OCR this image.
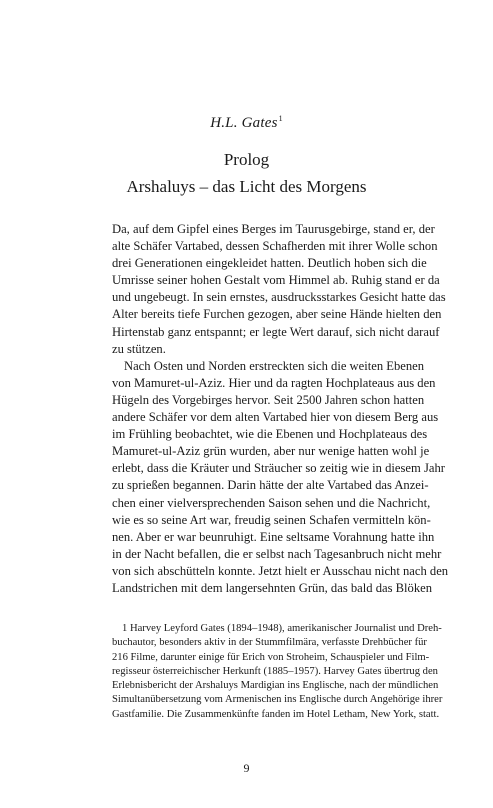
H.L. Gates$^1$
Prolog
Arshaluys – das Licht des Morgens
Da, auf dem Gipfel eines Berges im Taurusgebirge, stand er, der
alte Schäfer Vartabed, dessen Schafherden mit ihrer Wolle schon
drei Generationen eingekleidet hatten. Deutlich hoben sich die
Umrisse seiner hohen Gestalt vom Himmel ab. Ruhig stand er da
und ungebeugt. In sein ernstes, ausdrucksstarkes Gesicht hatte das
Alter bereits tiefe Furchen gezogen, aber seine Hände hielten den
Hirtenstab ganz entspannt; er legte Wert darauf, sich nicht darauf
zu stützen.
Nach Osten und Norden erstreckten sich die weiten Ebenen
von Mamuret-ul-Aziz. Hier und da ragten Hochplateaus aus den
Hügeln des Vorgebirges hervor. Seit 2500 Jahren schon hatten
andere Schäfer vor dem alten Vartabed hier von diesem Berg aus
im Frühling beobachtet, wie die Ebenen und Hochplateaus des
Mamuret-ul-Aziz grün wurden, aber nur wenige hatten wohl je
erlebt, dass die Kräuter und Sträucher so zeitig wie in diesem Jahr
zu sprießen begannen. Darin hätte der alte Vartabed das Anzei-
chen einer vielversprechenden Saison sehen und die Nachricht,
wie es so seine Art war, freudig seinen Schafen vermitteln kön-
nen. Aber er war beunruhigt. Eine seltsame Vorahnung hatte ihn
in der Nacht befallen, die er selbst nach Tagesanbruch nicht mehr
von sich abschütteln konnte. Jetzt hielt er Ausschau nicht nach den
Landstrichen mit dem langersehnten Grün, das bald das Blöken
1 Harvey Leyford Gates (1894–1948), amerikanischer Journalist und Dreh-
buchautor, besonders aktiv in der Stummfilmära, verfasste Drehbücher für
216 Filme, darunter einige für Erich von Stroheim, Schauspieler und Film-
regisseur österreichischer Herkunft (1885–1957). Harvey Gates übertrug den
Erlebnisbericht der Arshaluys Mardigian ins Englische, nach der mündlichen
Simultanübersetzung vom Armenischen ins Englische durch Angehörige ihrer
Gastfamilie. Die Zusammenkünfte fanden im Hotel Letham, New York, statt.
9
